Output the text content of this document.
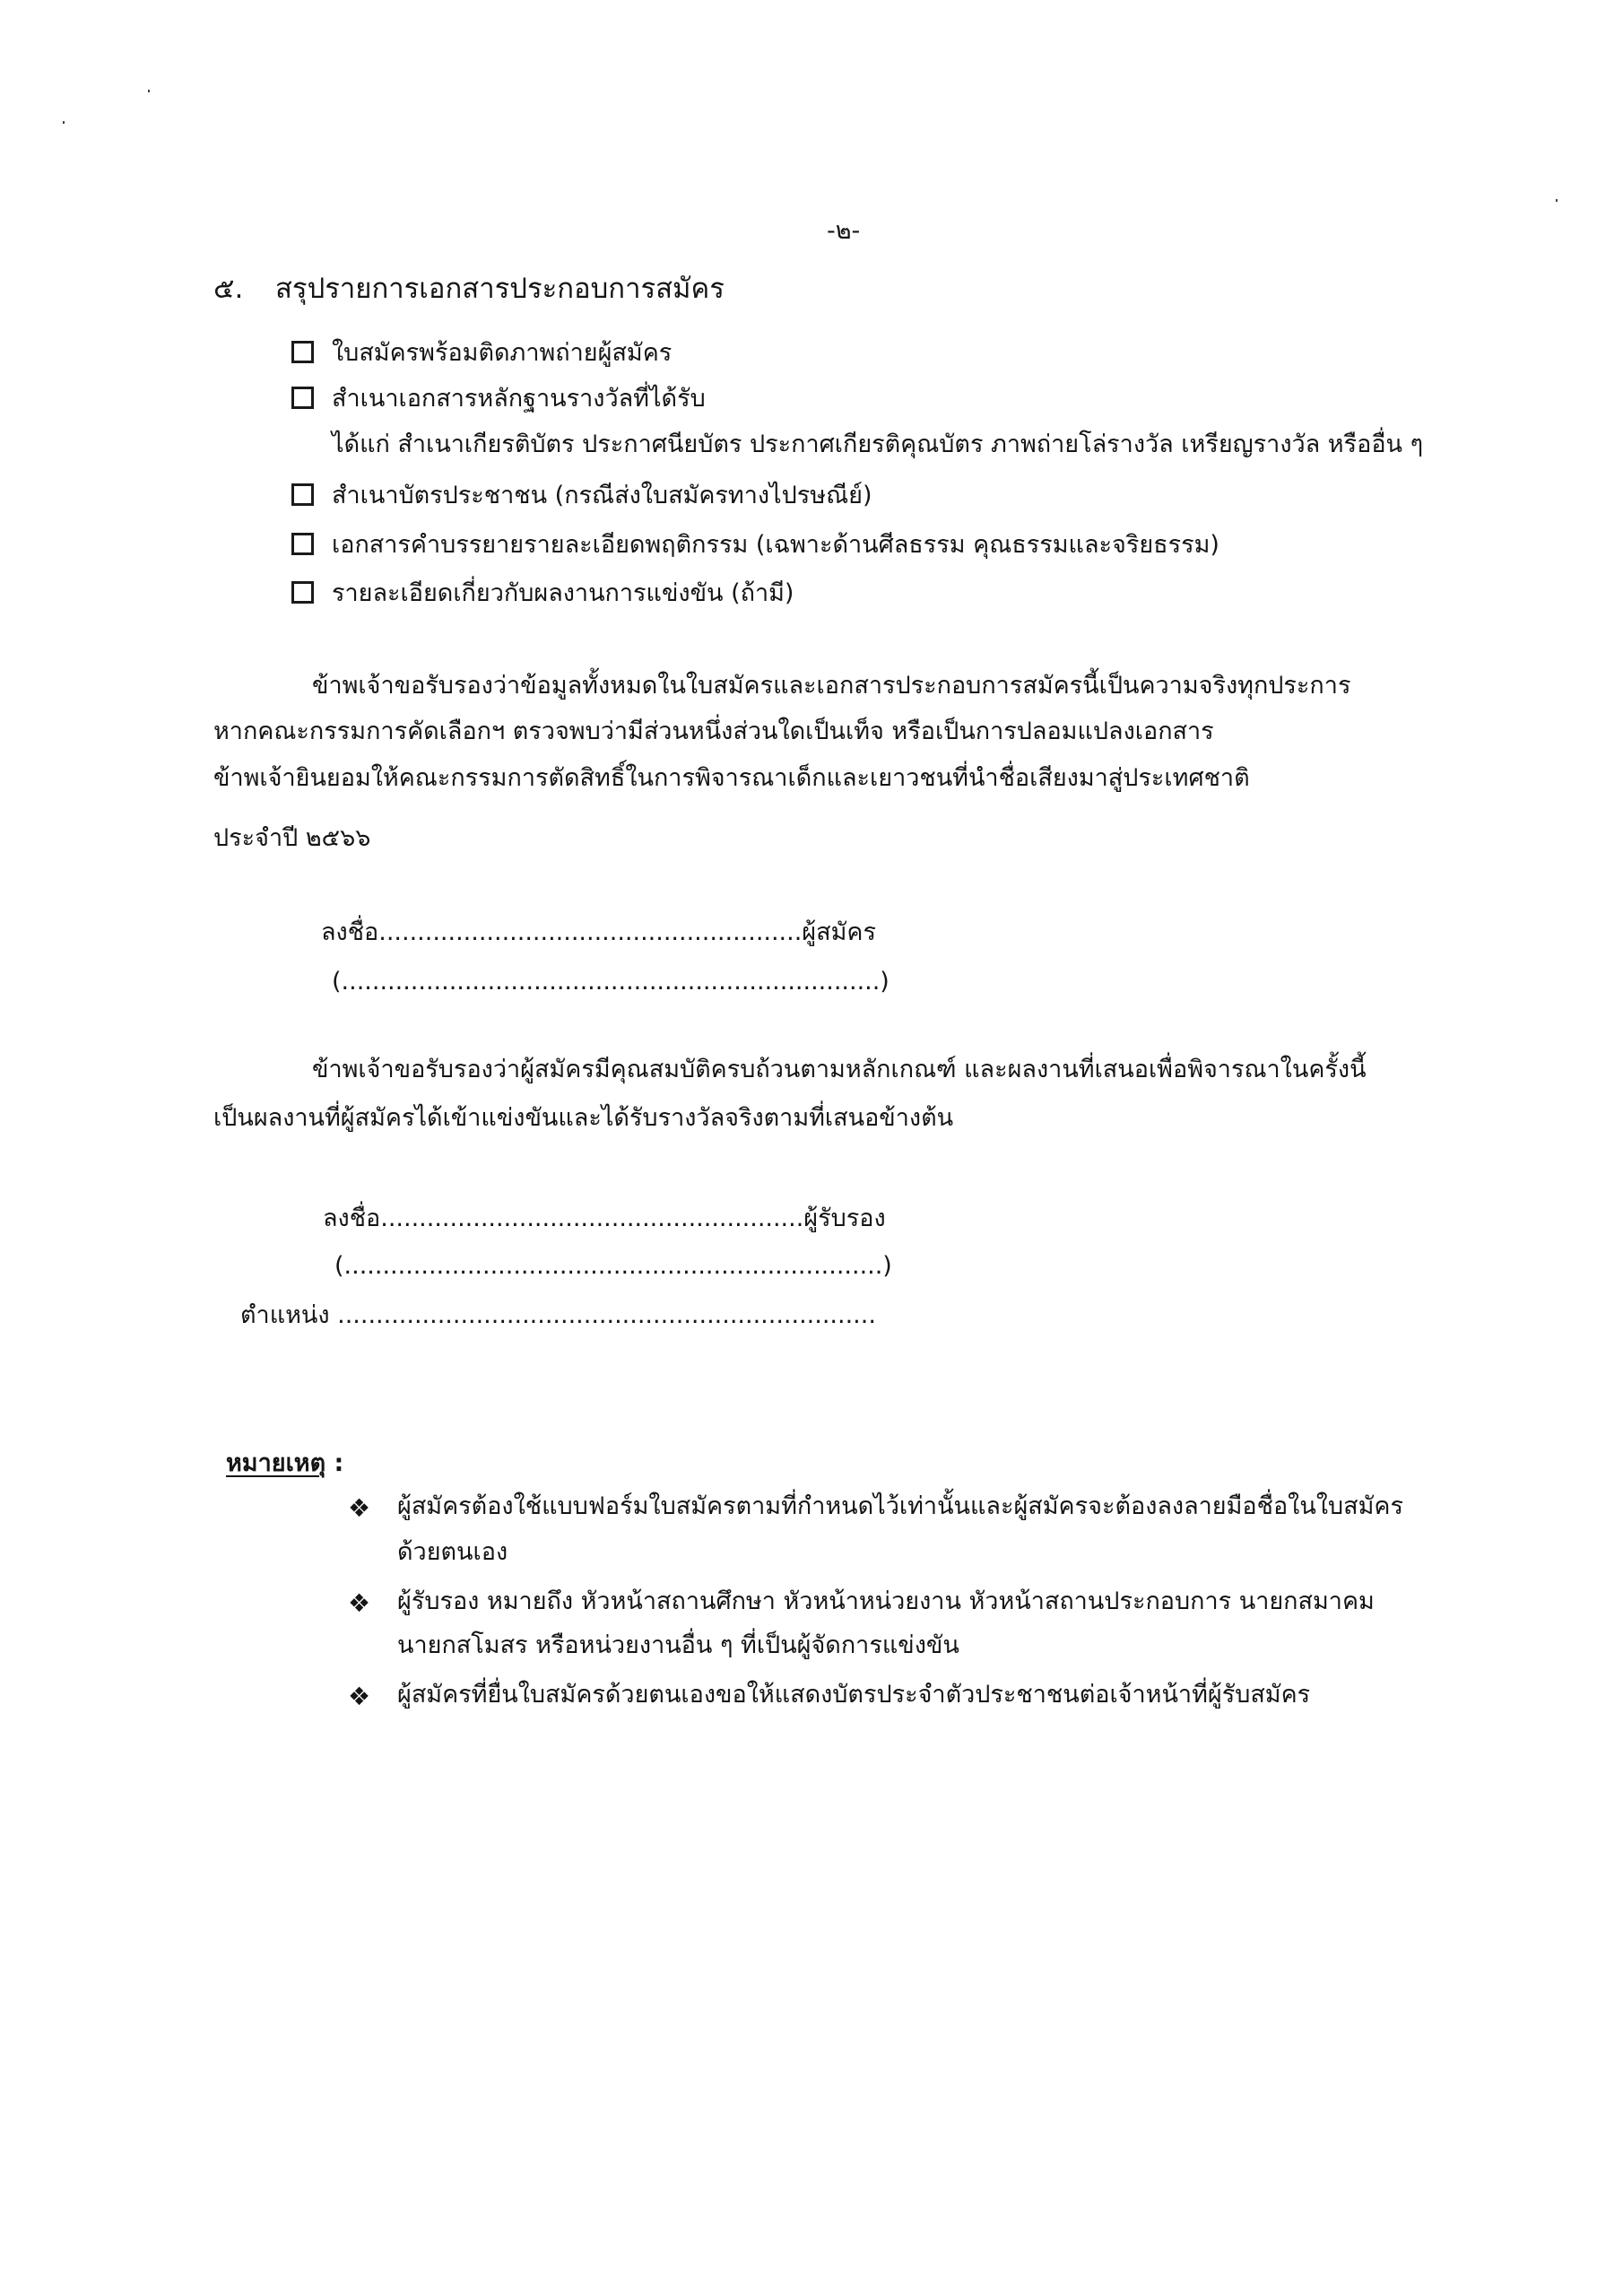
-๒-
๕. สรุปรายการเอกสารประกอบการสมัคร
ใบสมัครพร้อมติดภาพถ่ายผู้สมัคร
สำเนาเอกสารหลักฐานรางวัลที่ได้รับ
ได้แก่ สำเนาเกียรติบัตร ประกาศนียบัตร ประกาศเกียรติคุณบัตร ภาพถ่ายโล่รางวัล เหรียญรางวัล หรืออื่น ๆ
สำเนาบัตรประชาชน (กรณีส่งใบสมัครทางไปรษณีย์)
เอกสารคำบรรยายรายละเอียดพฤติกรรม (เฉพาะด้านศีลธรรม คุณธรรมและจริยธรรม)
รายละเอียดเกี่ยวกับผลงานการแข่งขัน (ถ้ามี)
ข้าพเจ้าขอรับรองว่าข้อมูลทั้งหมดในใบสมัครและเอกสารประกอบการสมัครนี้เป็นความจริงทุกประการ
หากคณะกรรมการคัดเลือกฯ ตรวจพบว่ามีส่วนหนึ่งส่วนใดเป็นเท็จ หรือเป็นการปลอมแปลงเอกสาร
ข้าพเจ้ายินยอมให้คณะกรรมการตัดสิทธิ์ในการพิจารณาเด็กและเยาวชนที่นำชื่อเสียงมาสู่ประเทศชาติ
ประจำปี ๒๕๖๖
ลงชื่อ.......................................................ผู้สมัคร
(......................................................................)
ข้าพเจ้าขอรับรองว่าผู้สมัครมีคุณสมบัติครบถ้วนตามหลักเกณฑ์ และผลงานที่เสนอเพื่อพิจารณาในครั้งนี้
เป็นผลงานที่ผู้สมัครได้เข้าแข่งขันและได้รับรางวัลจริงตามที่เสนอข้างต้น
ลงชื่อ.......................................................ผู้รับรอง
(......................................................................)
ตำแหน่ง ......................................................................
หมายเหตุ :
❖ ผู้สมัครต้องใช้แบบฟอร์มใบสมัครตามที่กำหนดไว้เท่านั้นและผู้สมัครจะต้องลงลายมือชื่อในใบสมัคร
ด้วยตนเอง
❖ ผู้รับรอง หมายถึง หัวหน้าสถานศึกษา หัวหน้าหน่วยงาน หัวหน้าสถานประกอบการ นายกสมาคม
นายกสโมสร หรือหน่วยงานอื่น ๆ ที่เป็นผู้จัดการแข่งขัน
❖ ผู้สมัครที่ยื่นใบสมัครด้วยตนเองขอให้แสดงบัตรประจำตัวประชาชนต่อเจ้าหน้าที่ผู้รับสมัคร
